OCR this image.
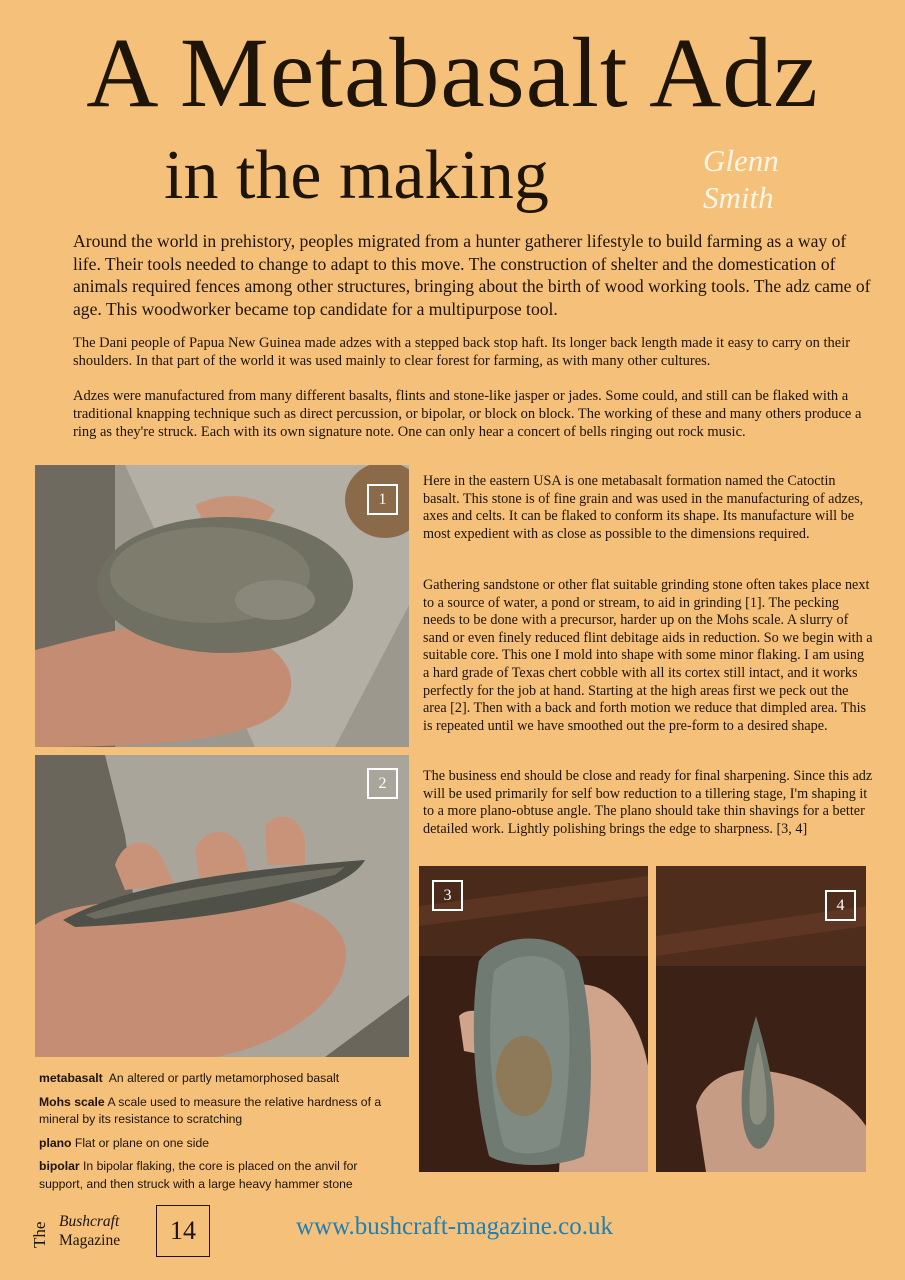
A Metabasalt Adz
in the making	Glenn
Smith

Around the world in prehistory, peoples migrated from a hunter gatherer lifestyle to build farming as a way of life. Their tools needed to change to adapt to this move. The construction of shelter and the domestication of animals required fences among other structures, bringing about the birth of wood working tools. The adz came of age. This woodworker became top candidate for a multipurpose tool.

The Dani people of Papua New Guinea made adzes with a stepped back stop haft. Its longer back length made it easy to carry on their shoulders. In that part of the world it was used mainly to clear forest for farming, as with many other cultures.

Adzes were manufactured from many different basalts, flints and stone-like jasper or jades. Some could, and still can be flaked with a traditional knapping technique such as direct percussion, or bipolar, or block on block. The working of these and many others produce a ring as they're struck. Each with its own signature note. One can only hear a concert of bells ringing out rock music.

1
2
3
4

Here in the eastern USA is one metabasalt formation named the Catoctin basalt. This stone is of fine grain and was used in the manufacturing of adzes, axes and celts. It can be flaked to conform its shape. Its manufacture will be most expedient with as close as possible to the dimensions required.

Gathering sandstone or other flat suitable grinding stone often takes place next to a source of water, a pond or stream, to aid in grinding [1]. The pecking needs to be done with a precursor, harder up on the Mohs scale. A slurry of sand or even finely reduced flint debitage aids in reduction. So we begin with a suitable core. This one I mold into shape with some minor flaking. I am using a hard grade of Texas chert cobble with all its cortex still intact, and it works perfectly for the job at hand. Starting at the high areas first we peck out the area [2]. Then with a back and forth motion we reduce that dimpled area. This is repeated until we have smoothed out the pre-form to a desired shape.

The business end should be close and ready for final sharpening. Since this adz will be used primarily for self bow reduction to a tillering stage, I'm shaping it to a more plano-obtuse angle. The plano should take thin shavings for a better detailed work. Lightly polishing brings the edge to sharpness. [3, 4]

metabasalt An altered or partly metamorphosed basalt

Mohs scale A scale used to measure the relative hardness of a mineral by its resistance to scratching

plano Flat or plane on one side

bipolar In bipolar flaking, the core is placed on the anvil for support, and then struck with a large heavy hammer stone

The
Bushcraft
Magazine	14	www.bushcraft-magazine.co.uk
